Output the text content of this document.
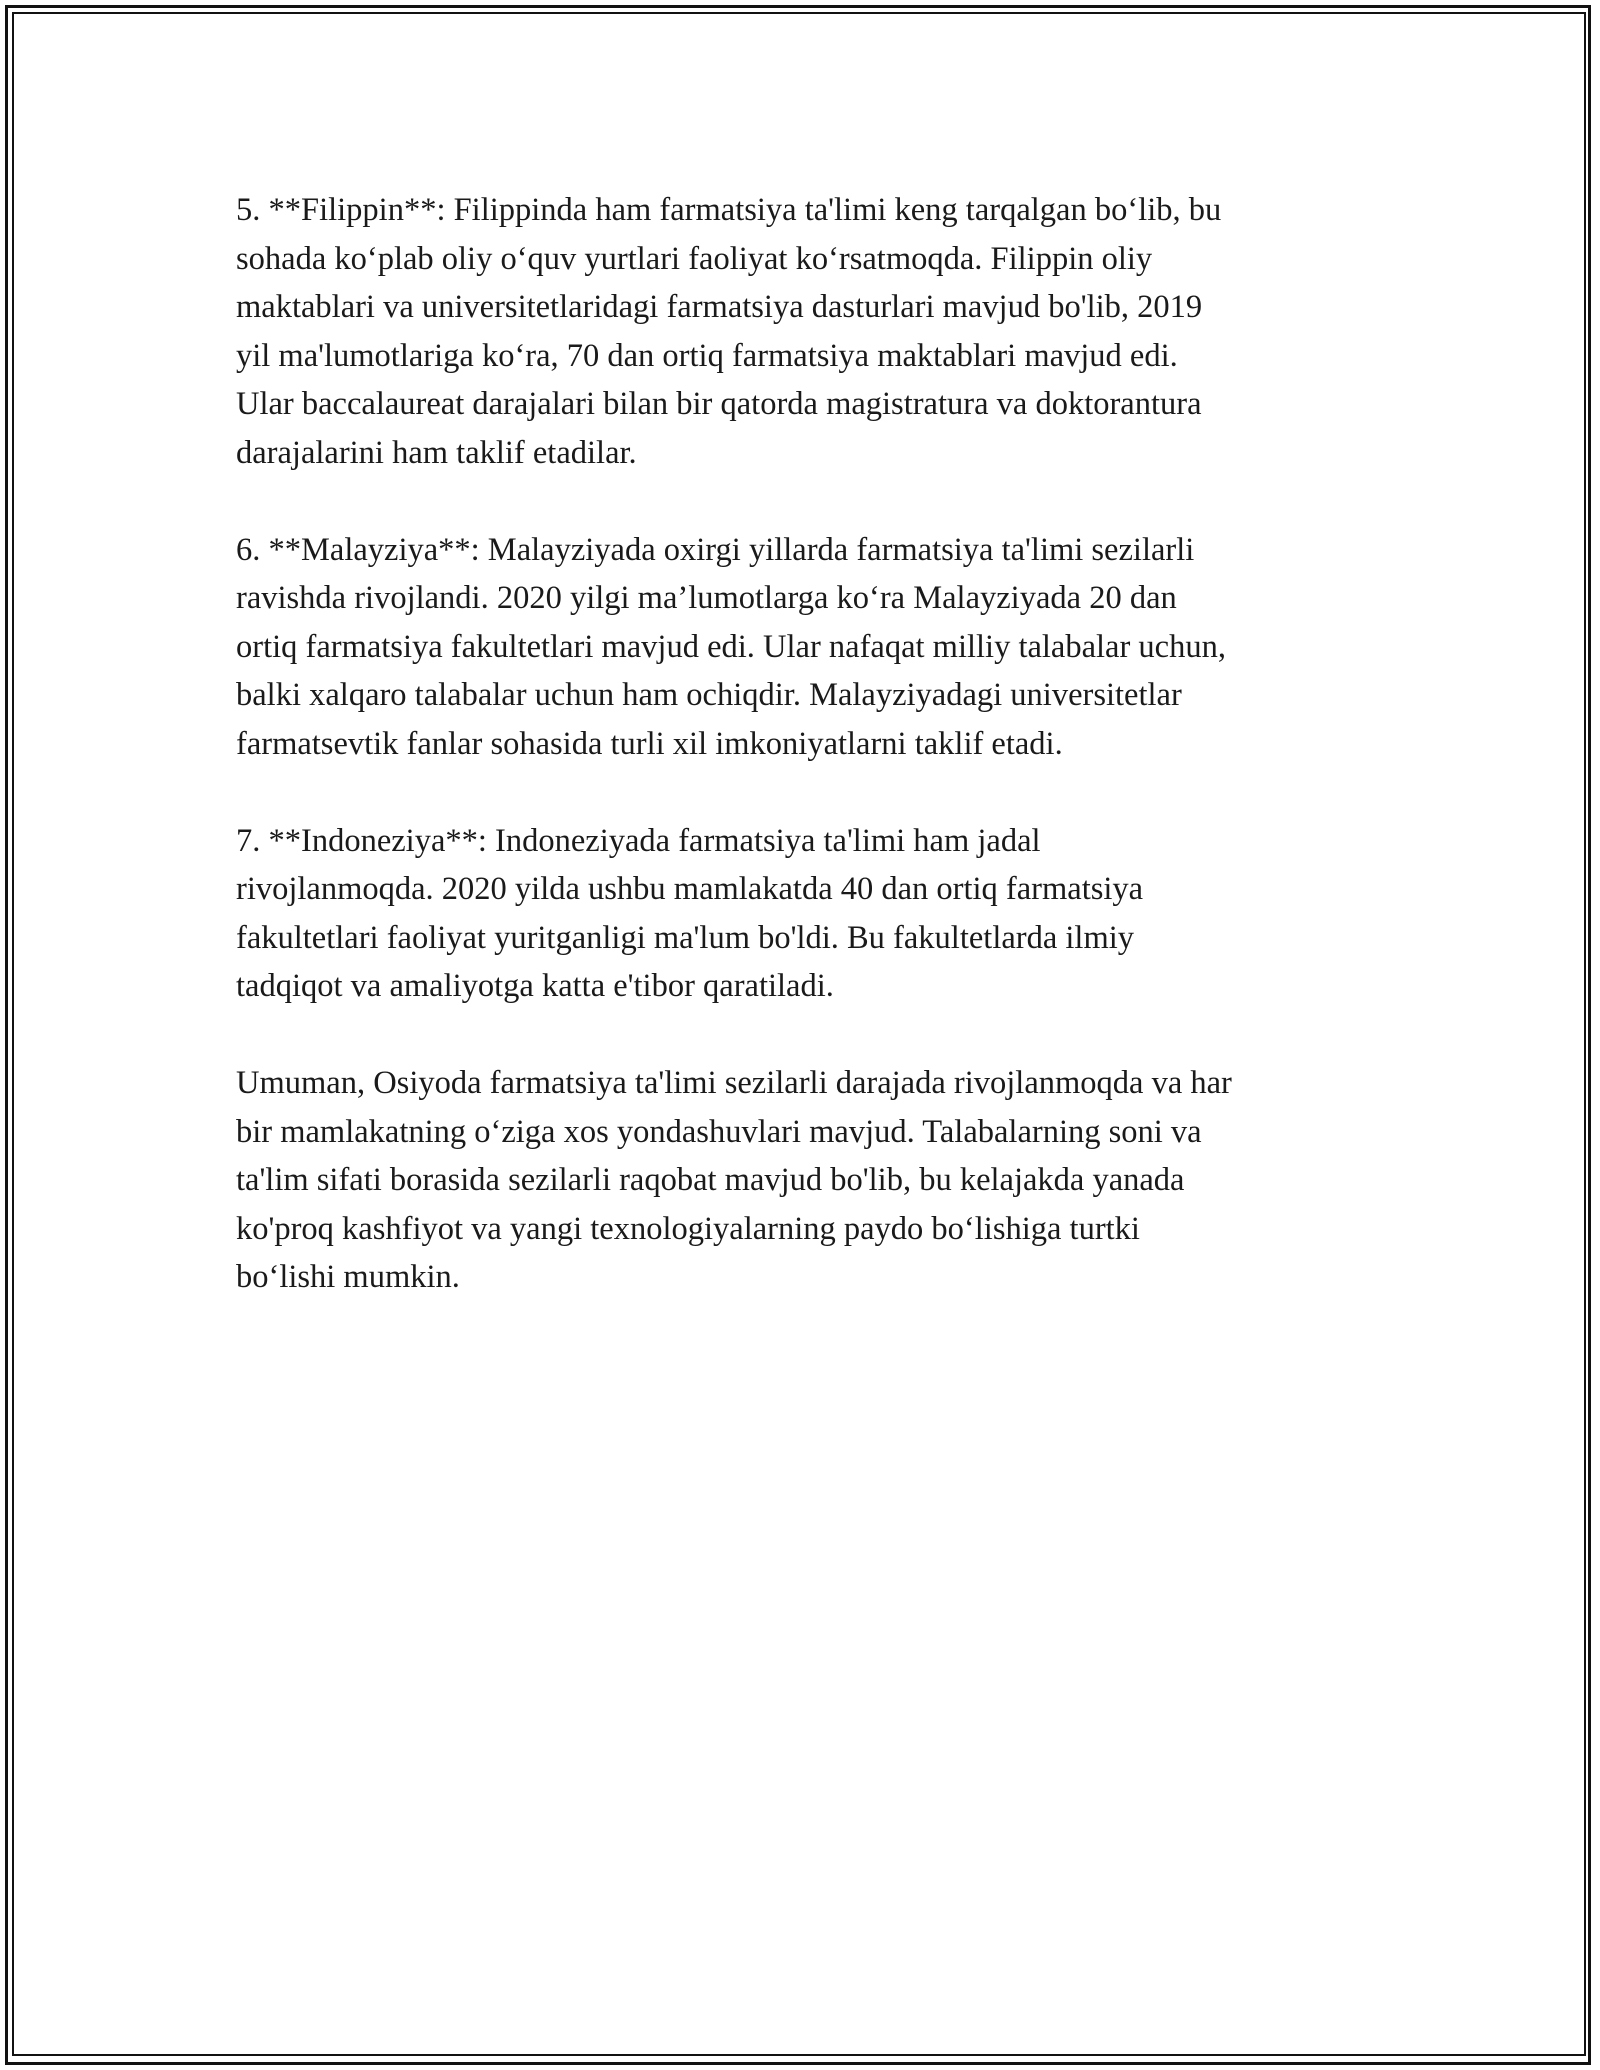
5. **Filippin**: Filippinda ham farmatsiya ta'limi keng tarqalgan bo‘lib, bu
sohada ko‘plab oliy o‘quv yurtlari faoliyat ko‘rsatmoqda. Filippin oliy
maktablari va universitetlaridagi farmatsiya dasturlari mavjud bo'lib, 2019
yil ma'lumotlariga ko‘ra, 70 dan ortiq farmatsiya maktablari mavjud edi.
Ular baccalaureat darajalari bilan bir qatorda magistratura va doktorantura
darajalarini ham taklif etadilar.

6. **Malayziya**: Malayziyada oxirgi yillarda farmatsiya ta'limi sezilarli
ravishda rivojlandi. 2020 yilgi ma’lumotlarga ko‘ra Malayziyada 20 dan
ortiq farmatsiya fakultetlari mavjud edi. Ular nafaqat milliy talabalar uchun,
balki xalqaro talabalar uchun ham ochiqdir. Malayziyadagi universitetlar
farmatsevtik fanlar sohasida turli xil imkoniyatlarni taklif etadi.

7. **Indoneziya**: Indoneziyada farmatsiya ta'limi ham jadal
rivojlanmoqda. 2020 yilda ushbu mamlakatda 40 dan ortiq farmatsiya
fakultetlari faoliyat yuritganligi ma'lum bo'ldi. Bu fakultetlarda ilmiy
tadqiqot va amaliyotga katta e'tibor qaratiladi.

Umuman, Osiyoda farmatsiya ta'limi sezilarli darajada rivojlanmoqda va har
bir mamlakatning o‘ziga xos yondashuvlari mavjud. Talabalarning soni va
ta'lim sifati borasida sezilarli raqobat mavjud bo'lib, bu kelajakda yanada
ko'proq kashfiyot va yangi texnologiyalarning paydo bo‘lishiga turtki
bo‘lishi mumkin.
